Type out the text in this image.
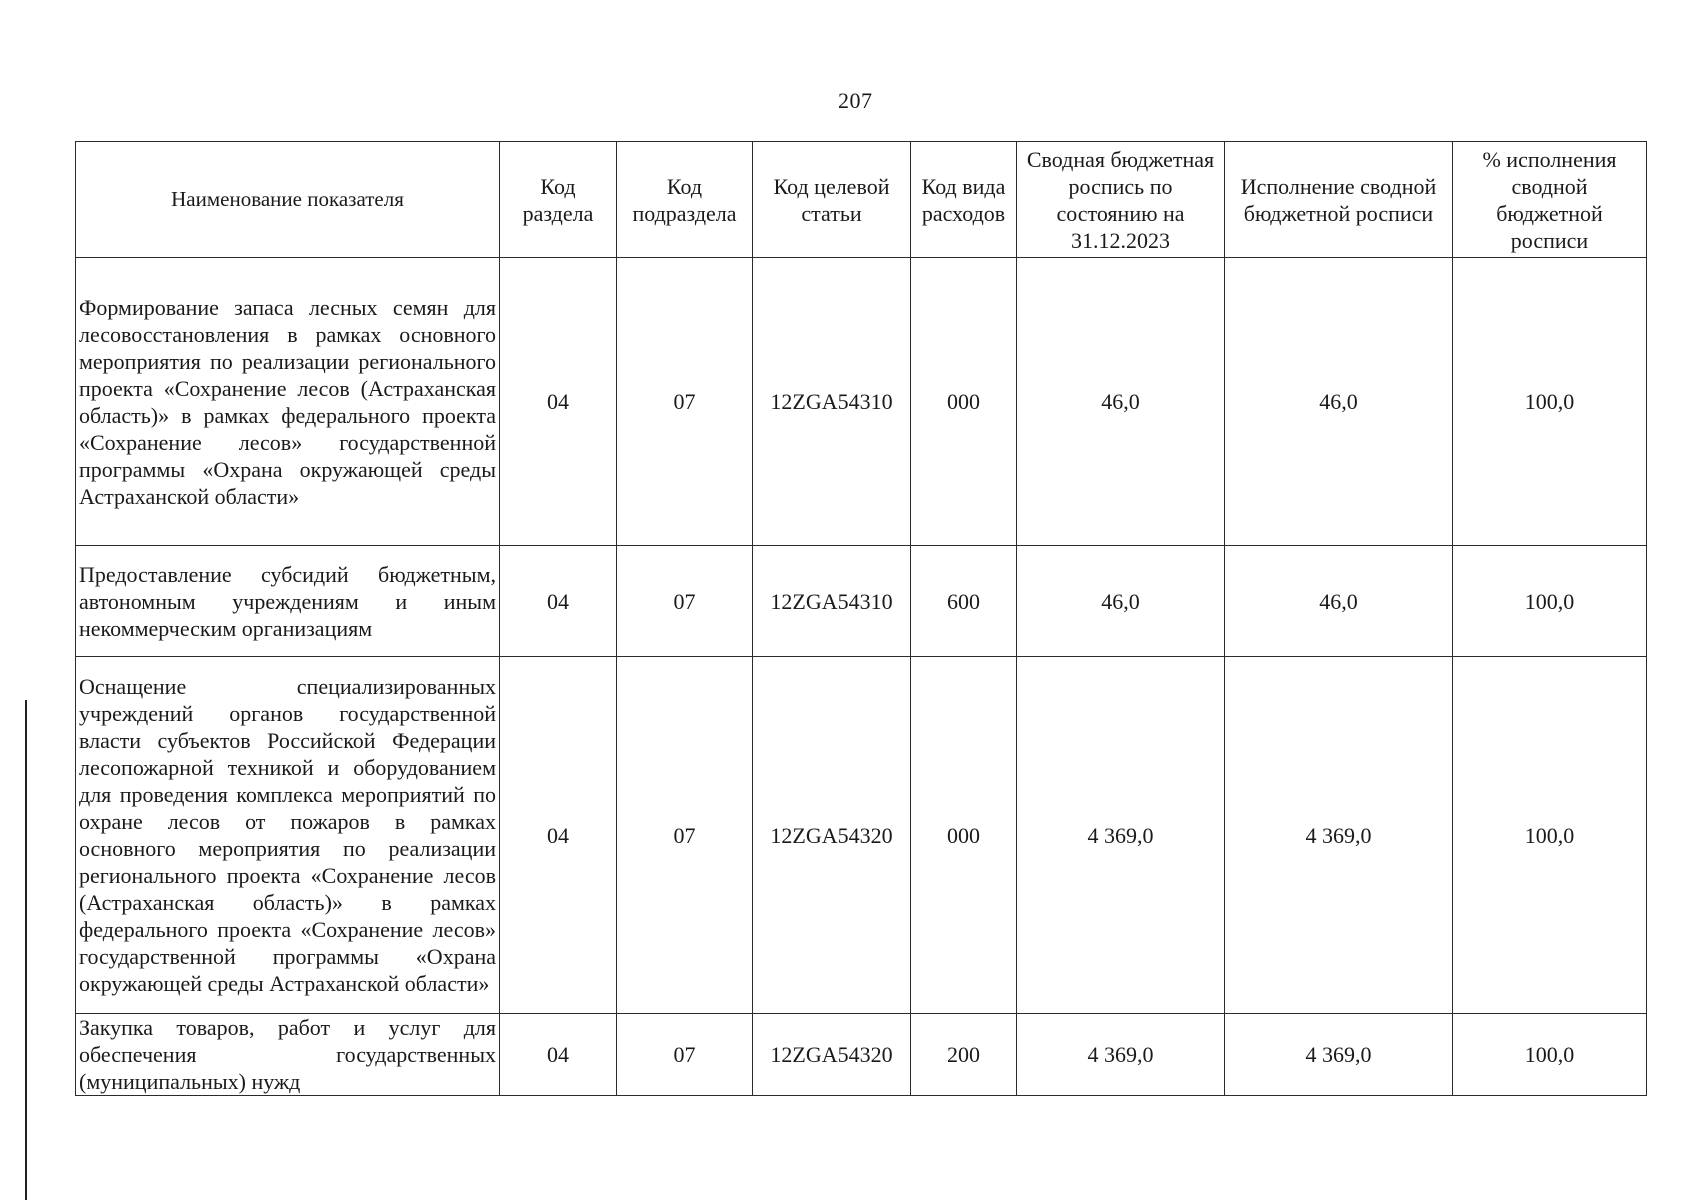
207
Наименование показателя	Код раздела	Код подраздела	Код целевой статьи	Код вида расходов	Сводная бюджетная роспись по состоянию на 31.12.2023	Исполнение сводной бюджетной росписи	% исполнения сводной бюджетной росписи
Формирование запаса лесных семян для лесовосстановления в рамках основного мероприятия по реализации регионального проекта «Сохранение лесов (Астраханская область)» в рамках федерального проекта «Сохранение лесов» государственной программы «Охрана окружающей среды Астраханской области»	04	07	12ZGA54310	000	46,0	46,0	100,0
Предоставление субсидий бюджетным, автономным учреждениям и иным некоммерческим организациям	04	07	12ZGA54310	600	46,0	46,0	100,0
Оснащение специализированных учреждений органов государственной власти субъектов Российской Федерации лесопожарной техникой и оборудованием для проведения комплекса мероприятий по охране лесов от пожаров в рамках основного мероприятия по реализации регионального проекта «Сохранение лесов (Астраханская область)» в рамках федерального проекта «Сохранение лесов» государственной программы «Охрана окружающей среды Астраханской области»	04	07	12ZGA54320	000	4 369,0	4 369,0	100,0
Закупка товаров, работ и услуг для обеспечения государственных (муниципальных) нужд	04	07	12ZGA54320	200	4 369,0	4 369,0	100,0
